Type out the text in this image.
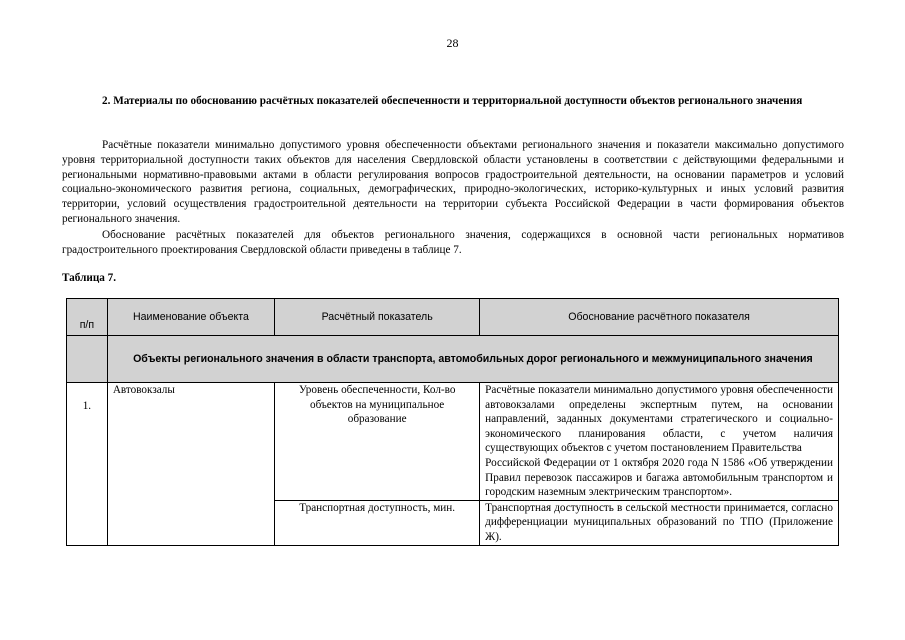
28
2. Материалы по обоснованию расчётных показателей обеспеченности и территориальной доступности объектов регионального значения

Расчётные показатели минимально допустимого уровня обеспеченности объектами регионального значения и показатели максимально допустимого уровня территориальной доступности таких объектов для населения Свердловской области установлены в соответствии с действующими федеральными и региональными нормативно-правовыми актами в области регулирования вопросов градостроительной деятельности, на основании параметров и условий социально-экономического развития региона, социальных, демографических, природно-экологических, историко-культурных и иных условий развития территории, условий осуществления градостроительной деятельности на территории субъекта Российской Федерации в части формирования объектов регионального значения.

Обоснование расчётных показателей для объектов регионального значения, содержащихся в основной части региональных нормативов градостроительного проектирования Свердловской области приведены в таблице 7.

Таблица 7.
п/п	Наименование объекта	Расчётный показатель	Обоснование расчётного показателя
	Объекты регионального значения в области транспорта, автомобильных дорог регионального и межмуниципального значения		

1.	Автовокзалы	Уровень обеспеченности, Кол-во объектов на муниципальное образование	Расчётные показатели минимально допустимого уровня обеспеченности автовокзалами определены экспертным путем, на основании направлений, заданных документами стратегического и социально-экономического планирования области, с учетом наличия существующих объектов с учетом постановлением Правительства
Российской Федерации от 1 октября 2020 года N 1586 «Об утверждении Правил перевозок пассажиров и багажа автомобильным транспортом и городским наземным электрическим транспортом».

		Транспортная доступность, мин.	Транспортная доступность в сельской местности принимается, согласно дифференциации муниципальных образований по ТПО (Приложение Ж).
